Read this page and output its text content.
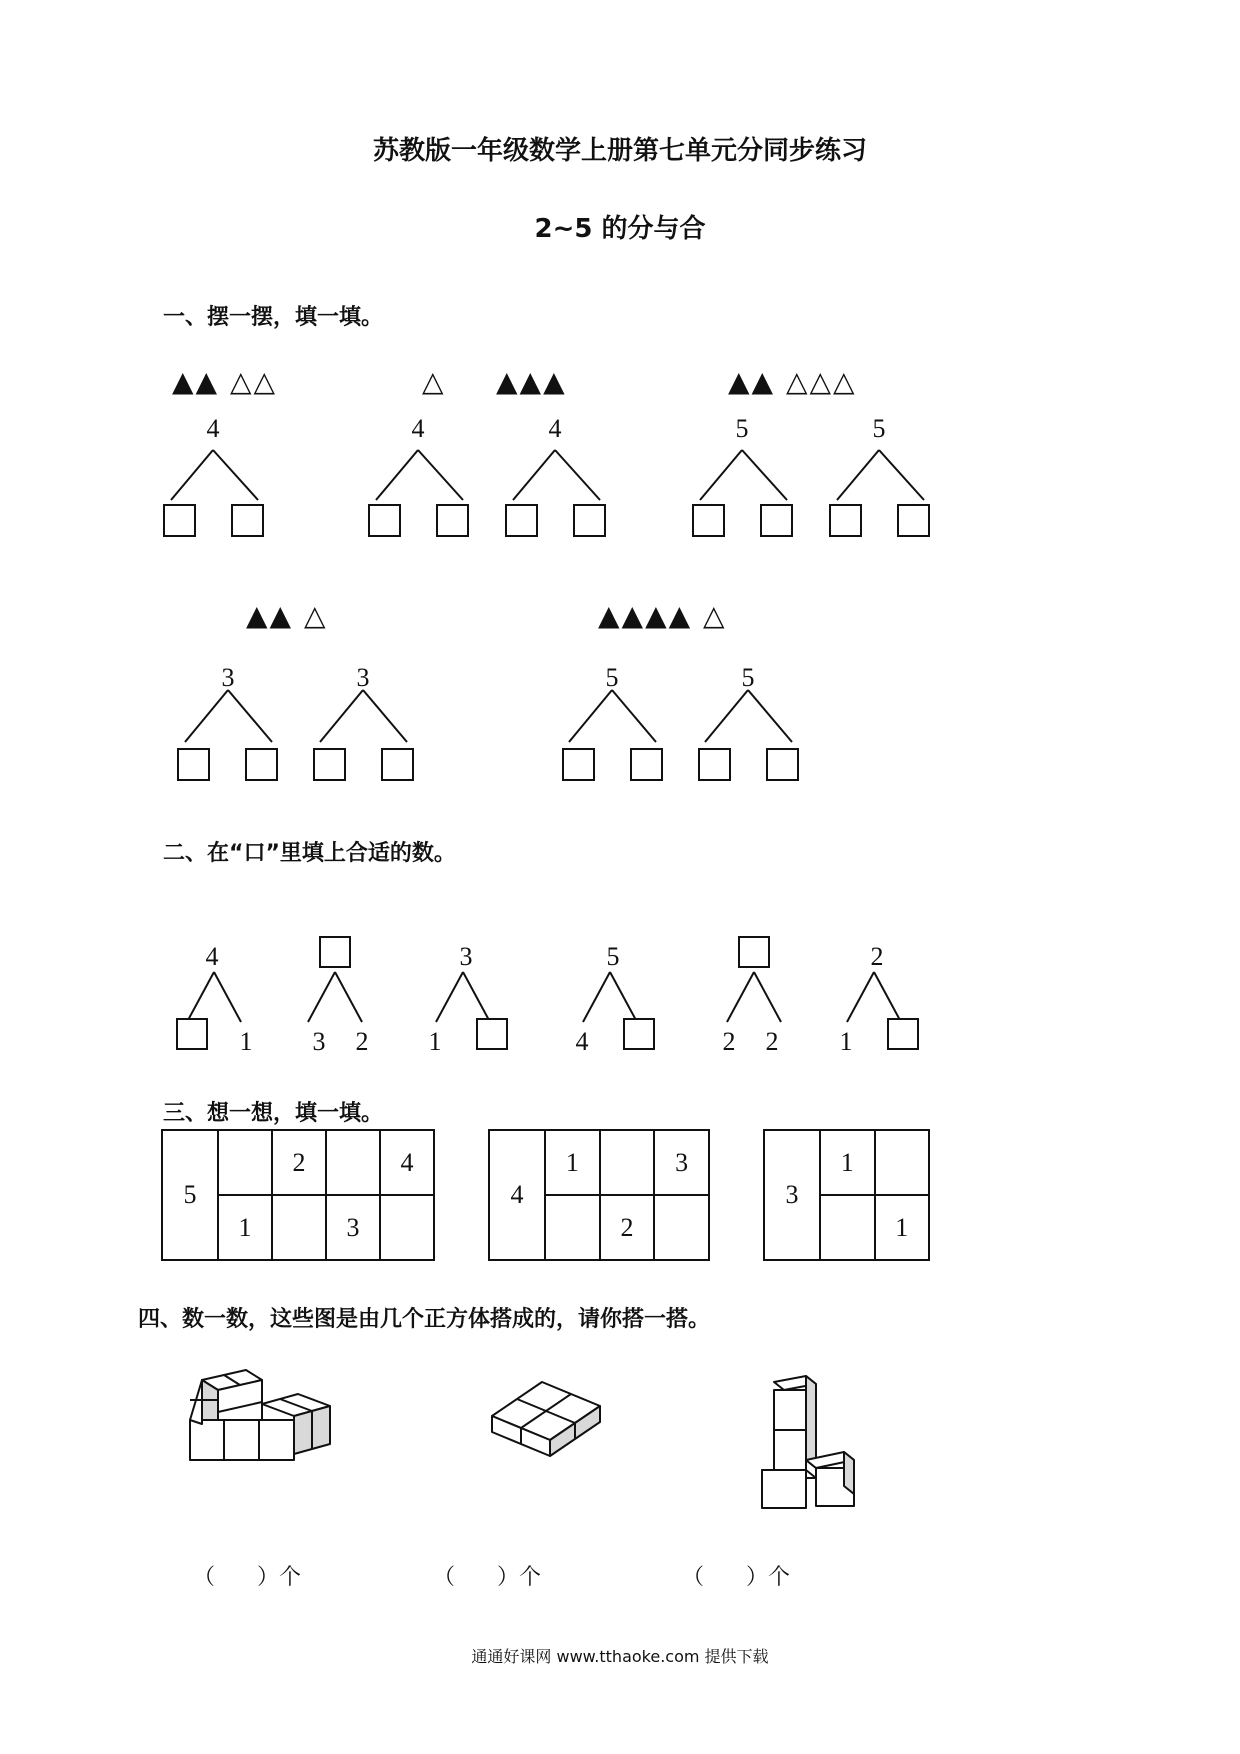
苏教版一年级数学上册第七单元分同步练习
2~5 的分与合
一、摆一摆，填一填。
▲▲ △△	△ ▲▲▲	▲▲ △△△
▲▲ △	▲▲▲▲ △
4	4	4	5	5
3	3	5	5
二、在“口”里填上合适的数。
4
1	3	2
3
1
5
4	2	2
2
1
三、想一想，填一填。
5		2		4
	1		3	
4	1		3
		2	
3	1	
		1
四、数一数，这些图是由几个正方体搭成的，请你搭一搭。
（      ）个	（      ）个	（      ）个
通通好课网 www.tthaoke.com 提供下载
